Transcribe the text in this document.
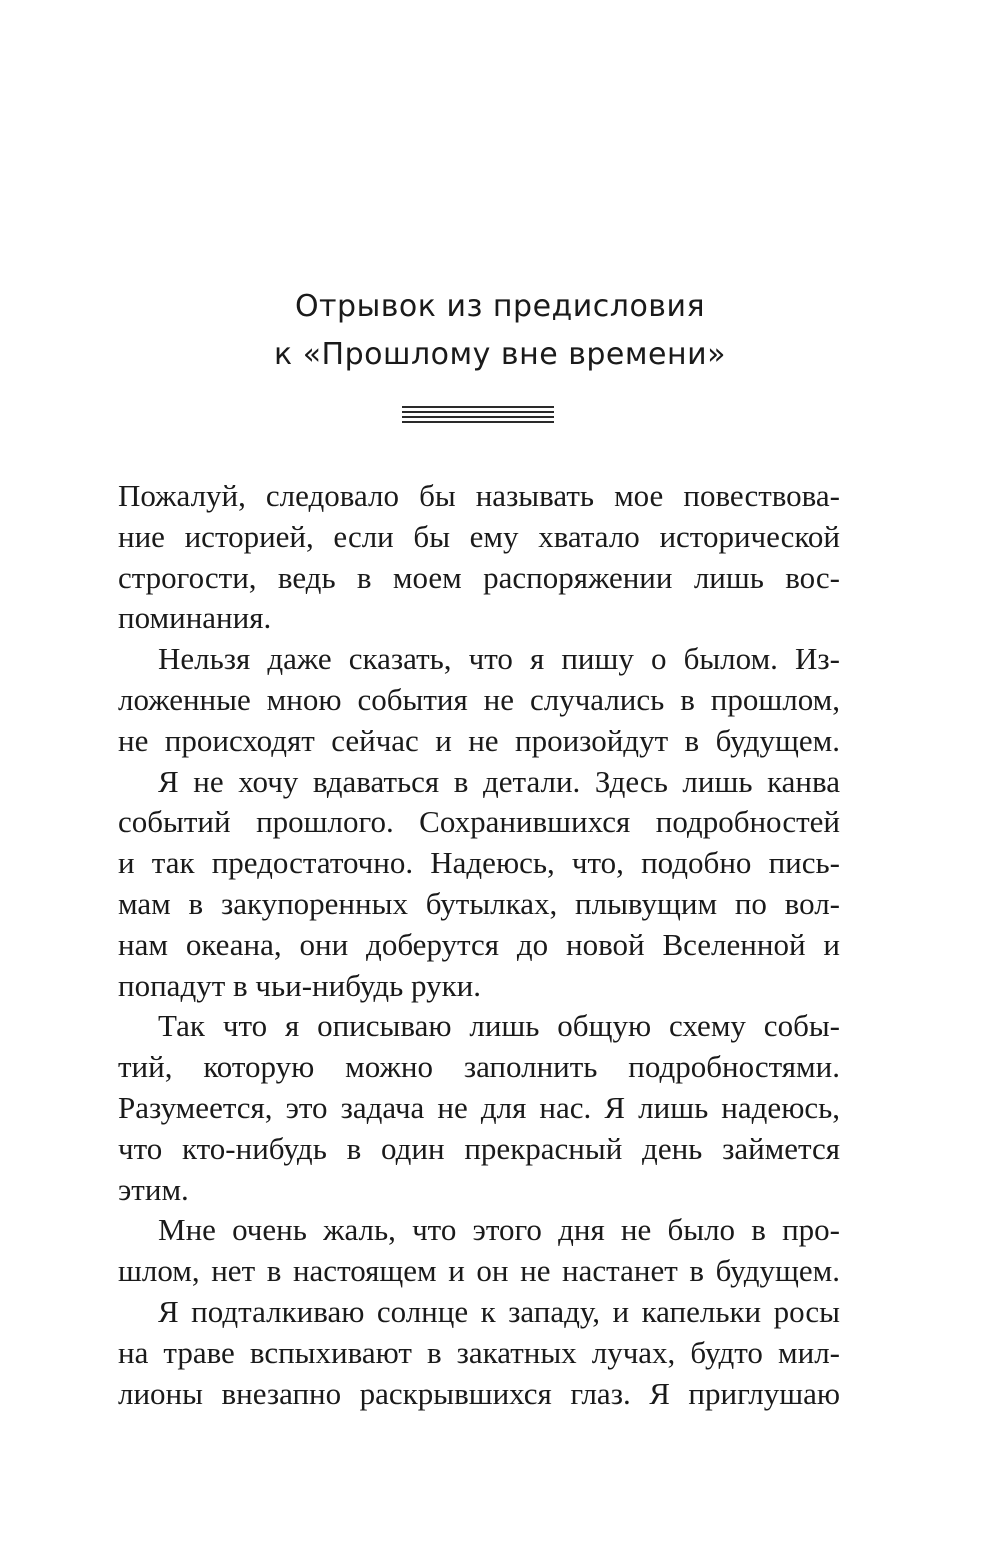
Отрывок из предисловия
к «Прошлому вне времени»
Пожалуй, следовало бы называть мое повествова-
ние историей, если бы ему хватало исторической
строгости, ведь в моем распоряжении лишь вос-
поминания.
Нельзя даже сказать, что я пишу о былом. Из-
ложенные мною события не случались в прошлом,
не происходят сейчас и не произойдут в будущем.
Я не хочу вдаваться в детали. Здесь лишь канва
событий прошлого. Сохранившихся подробностей
и так предостаточно. Надеюсь, что, подобно пись-
мам в закупоренных бутылках, плывущим по вол-
нам океана, они доберутся до новой Вселенной и
попадут в чьи-нибудь руки.
Так что я описываю лишь общую схему собы-
тий, которую можно заполнить подробностями.
Разумеется, это задача не для нас. Я лишь надеюсь,
что кто-нибудь в один прекрасный день займется
этим.
Мне очень жаль, что этого дня не было в про-
шлом, нет в настоящем и он не настанет в будущем.
Я подталкиваю солнце к западу, и капельки росы
на траве вспыхивают в закатных лучах, будто мил-
лионы внезапно раскрывшихся глаз. Я приглушаю
